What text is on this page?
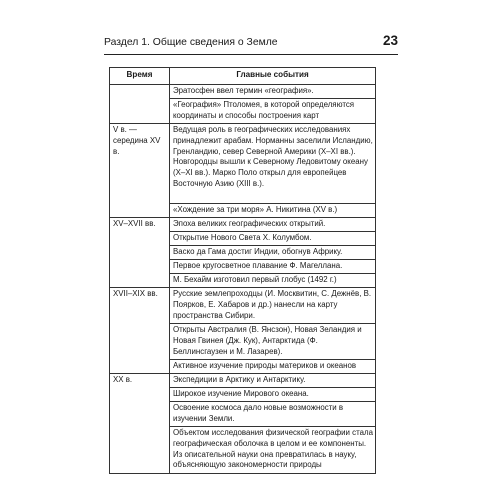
Раздел 1. Общие сведения о Земле	23
Время	Главные события

	Эратосфен ввел термин «география».
«География» Птоломея, в которой определяются координаты и способы построения карт

V в. — середина XV в.	Ведущая роль в географических исследованиях принадлежит арабам. Норманны заселили Исландию, Гренландию, север Северной Америки (X–XI вв.). Новгородцы вышли к Северному Ледовитому океану (X–XI вв.). Марко Поло открыл для европейцев Восточную Азию (XIII в.).
«Хождение за три моря» А. Никитина (XV в.)

XV–XVII вв.	Эпоха великих географических открытий.
Открытие Нового Света Х. Колумбом.
Васко да Гама достиг Индии, обогнув Африку.
Первое кругосветное плавание Ф. Магеллана.
М. Бехайм изготовил первый глобус (1492 г.)

XVII–XIX вв.	Русские землепроходцы (И. Москвитин, С. Дежнёв, В. Поярков, Е. Хабаров и др.) нанесли на карту пространства Сибири.
Открыты Австралия (В. Янсзон), Новая Зеландия и Новая Гвинея (Дж. Кук), Антарктида (Ф. Беллинсгаузен и М. Лазарев).
Активное изучение природы материков и океанов

XX в.	Экспедиции в Арктику и Антарктику.
Широкое изучение Мирового океана.
Освоение космоса дало новые возможности в изучении Земли.
Объектом исследования физической географии стала географическая оболочка в целом и ее компоненты. Из описательной науки она превратилась в науку, объясняющую закономерности природы
